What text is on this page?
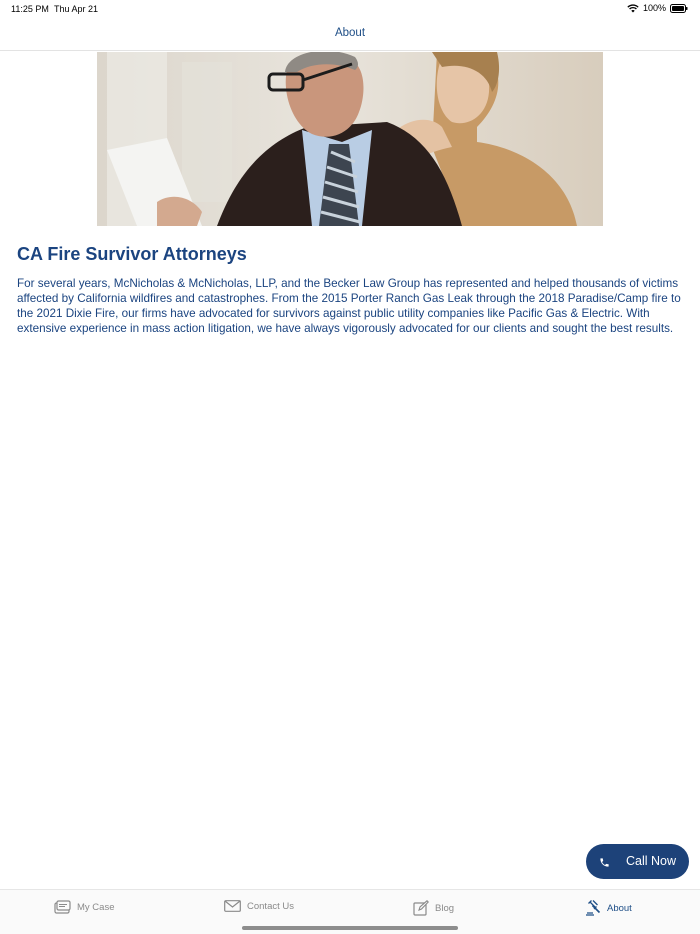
11:25 PM Thu Apr 21	100%
About
CA Fire Survivor Attorneys

For several years, McNicholas & McNicholas, LLP, and the Becker Law Group has represented and helped thousands of victims affected by California wildfires and catastrophes. From the 2015 Porter Ranch Gas Leak through the 2018 Paradise/Camp fire to the 2021 Dixie Fire, our firms have advocated for survivors against public utility companies like Pacific Gas & Electric. With extensive experience in mass action litigation, we have always vigorously advocated for our clients and sought the best results.

Call Now
My Case	Contact Us	Blog	About
